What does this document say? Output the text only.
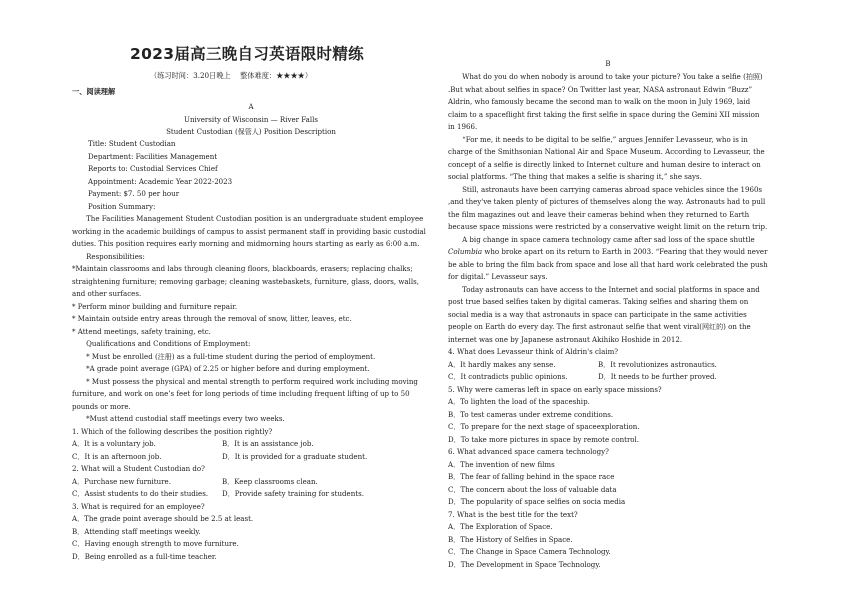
2023届高三晚自习英语限时精练
（练习时间：3.20日晚上　 整体难度：★★★★）
一、阅读理解

A

University of Wisconsin — River Falls

Student Custodian (保管人) Position Description

Title: Student Custodian

Department: Facilities Management

Reports to: Custodial Services Chief

Appointment: Academic Year 2022-2023

Payment: $7. 50 per hour

Position Summary:

The Facilities Management Student Custodian position is an undergraduate student employee working in the academic buildings of campus to assist permanent staff in providing basic custodial duties. This position requires early morning and midmorning hours starting as early as 6:00 a.m.

Responsibilities:

*Maintain classrooms and labs through cleaning floors, blackboards, erasers; replacing chalks; straightening furniture; removing garbage; cleaning wastebaskets, furniture, glass, doors, walls, and other surfaces.

* Perform minor building and furniture repair.

* Maintain outside entry areas through the removal of snow, litter, leaves, etc.

* Attend meetings, safety training, etc.

Qualifications and Conditions of Employment:

* Must be enrolled (注册) as a full-time student during the period of employment.

*A grade point average (GPA) of 2.25 or higher before and during employment.

* Must possess the physical and mental strength to perform required work including moving furniture, and work on one’s feet for long periods of time including frequent lifting of up to 50 pounds or more.

*Must attend custodial staff meetings every two weeks.

1. Which of the following describes the position rightly?

A．It is a voluntary job.	B．It is an assistance job.
C．It is an afternoon job.	D．It is provided for a graduate student.

2. What will a Student Custodian do?

A．Purchase new furniture.	B．Keep classrooms clean.
C．Assist students to do their studies.	D．Provide safety training for students.

3. What is required for an employee?

A．The grade point average should be 2.5 at least.

B．Attending staff meetings weekly.

C．Having enough strength to move furniture.

D．Being enrolled as a full-time teacher.

B

What do you do when nobody is around to take your picture? You take a selfie (拍照) .But what about selfies in space? On Twitter last year, NASA astronaut Edwin “Buzz” Aldrin, who famously became the second man to walk on the moon in July 1969, laid claim to a spaceflight first taking the first selfie in space during the Gemini XII mission in 1966.

“For me, it needs to be digital to be selfie,” argues Jennifer Levasseur, who is in charge of the Smithsonian National Air and Space Museum. According to Levasseur, the concept of a selfie is directly linked to Internet culture and human desire to interact on social platforms. “The thing that makes a selfie is sharing it,” she says.

Still, astronauts have been carrying cameras abroad space vehicles since the 1960s ,and they've taken plenty of pictures of themselves along the way. Astronauts had to pull the film magazines out and leave their cameras behind when they returned to Earth because space missions were restricted by a conservative weight limit on the return trip.

A big change in space camera technology came after sad loss of the space shuttle Columbia who broke apart on its return to Earth in 2003. “Fearing that they would never be able to bring the film back from space and lose all that hard work celebrated the push for digital.” Levasseur says.

Today astronauts can have access to the Internet and social platforms in space and post true based selfies taken by digital cameras. Taking selfies and sharing them on social media is a way that astronauts in space can participate in the same activities people on Earth do every day. The first astronaut selfie that went viral(网红的) on the internet was one by Japanese astronaut Akihiko Hoshide in 2012.

4. What does Levasseur think of Aldrin's claim?

A．It hardly makes any sense.	B．It revolutionizes astronautics.
C．It contradicts public opinions.	D．It needs to be further proved.

5. Why were cameras left in space on early space missions?

A．To lighten the load of the spaceship.

B．To test cameras under extreme conditions.

C．To prepare for the next stage of spaceexploration.

D．To take more pictures in space by remote control.

6. What advanced space camera technology?

A．The invention of new films

B．The fear of falling behind in the space race

C．The concern about the loss of valuable data

D．The popularity of space selfies on socia media

7. What is the best title for the text?

A．The Exploration of Space.

B．The History of Selfies in Space.

C．The Change in Space Camera Technology.

D．The Development in Space Technology.
